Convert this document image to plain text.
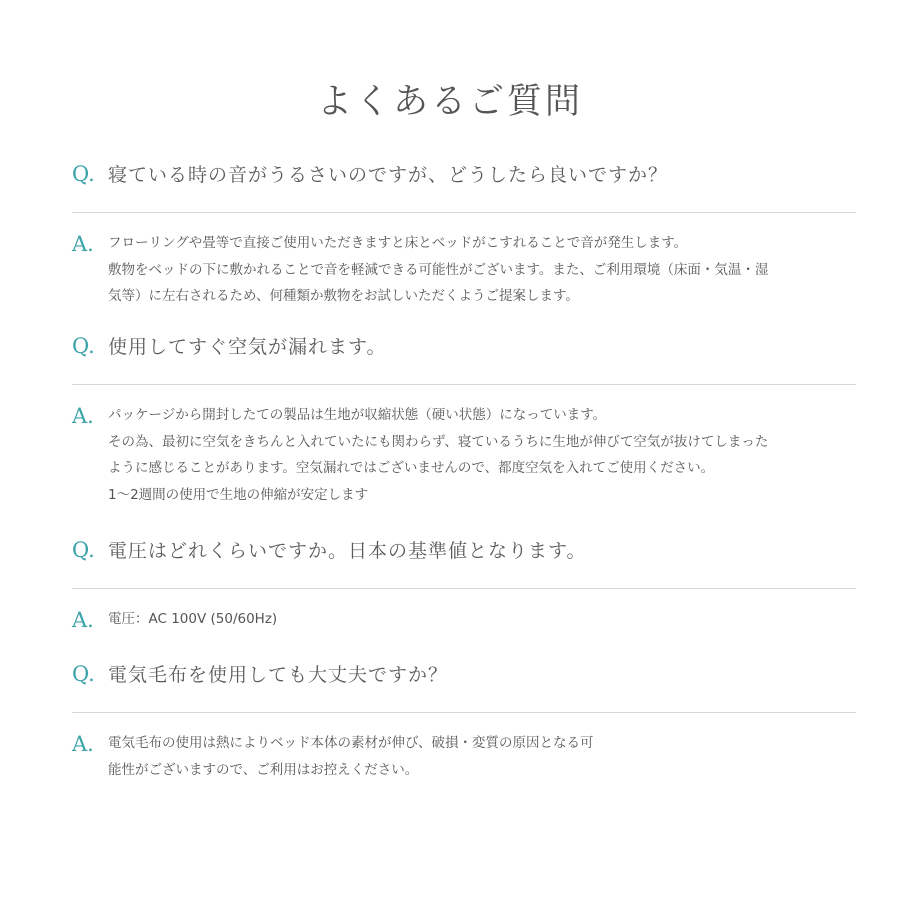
よくあるご質問
Q. 寝ている時の音がうるさいのですが、どうしたら良いですか？
A.	フローリングや畳等で直接ご使用いただきますと床とベッドがこすれることで音が発生します。
敷物をベッドの下に敷かれることで音を軽減できる可能性がございます。また、ご利用環境（床面・気温・湿
気等）に左右されるため、何種類か敷物をお試しいただくようご提案します。
Q. 使用してすぐ空気が漏れます。
A.	パッケージから開封したての製品は生地が収縮状態（硬い状態）になっています。
その為、最初に空気をきちんと入れていたにも関わらず、寝ているうちに生地が伸びて空気が抜けてしまった
ように感じることがあります。空気漏れではございませんので、都度空気を入れてご使用ください。
1〜2週間の使用で生地の伸縮が安定します
Q. 電圧はどれくらいですか。日本の基準値となります。
A.	電圧：AC 100V (50/60Hz)
Q. 電気毛布を使用しても大丈夫ですか？
A.	電気毛布の使用は熱によりベッド本体の素材が伸び、破損・変質の原因となる可
能性がございますので、ご利用はお控えください。
